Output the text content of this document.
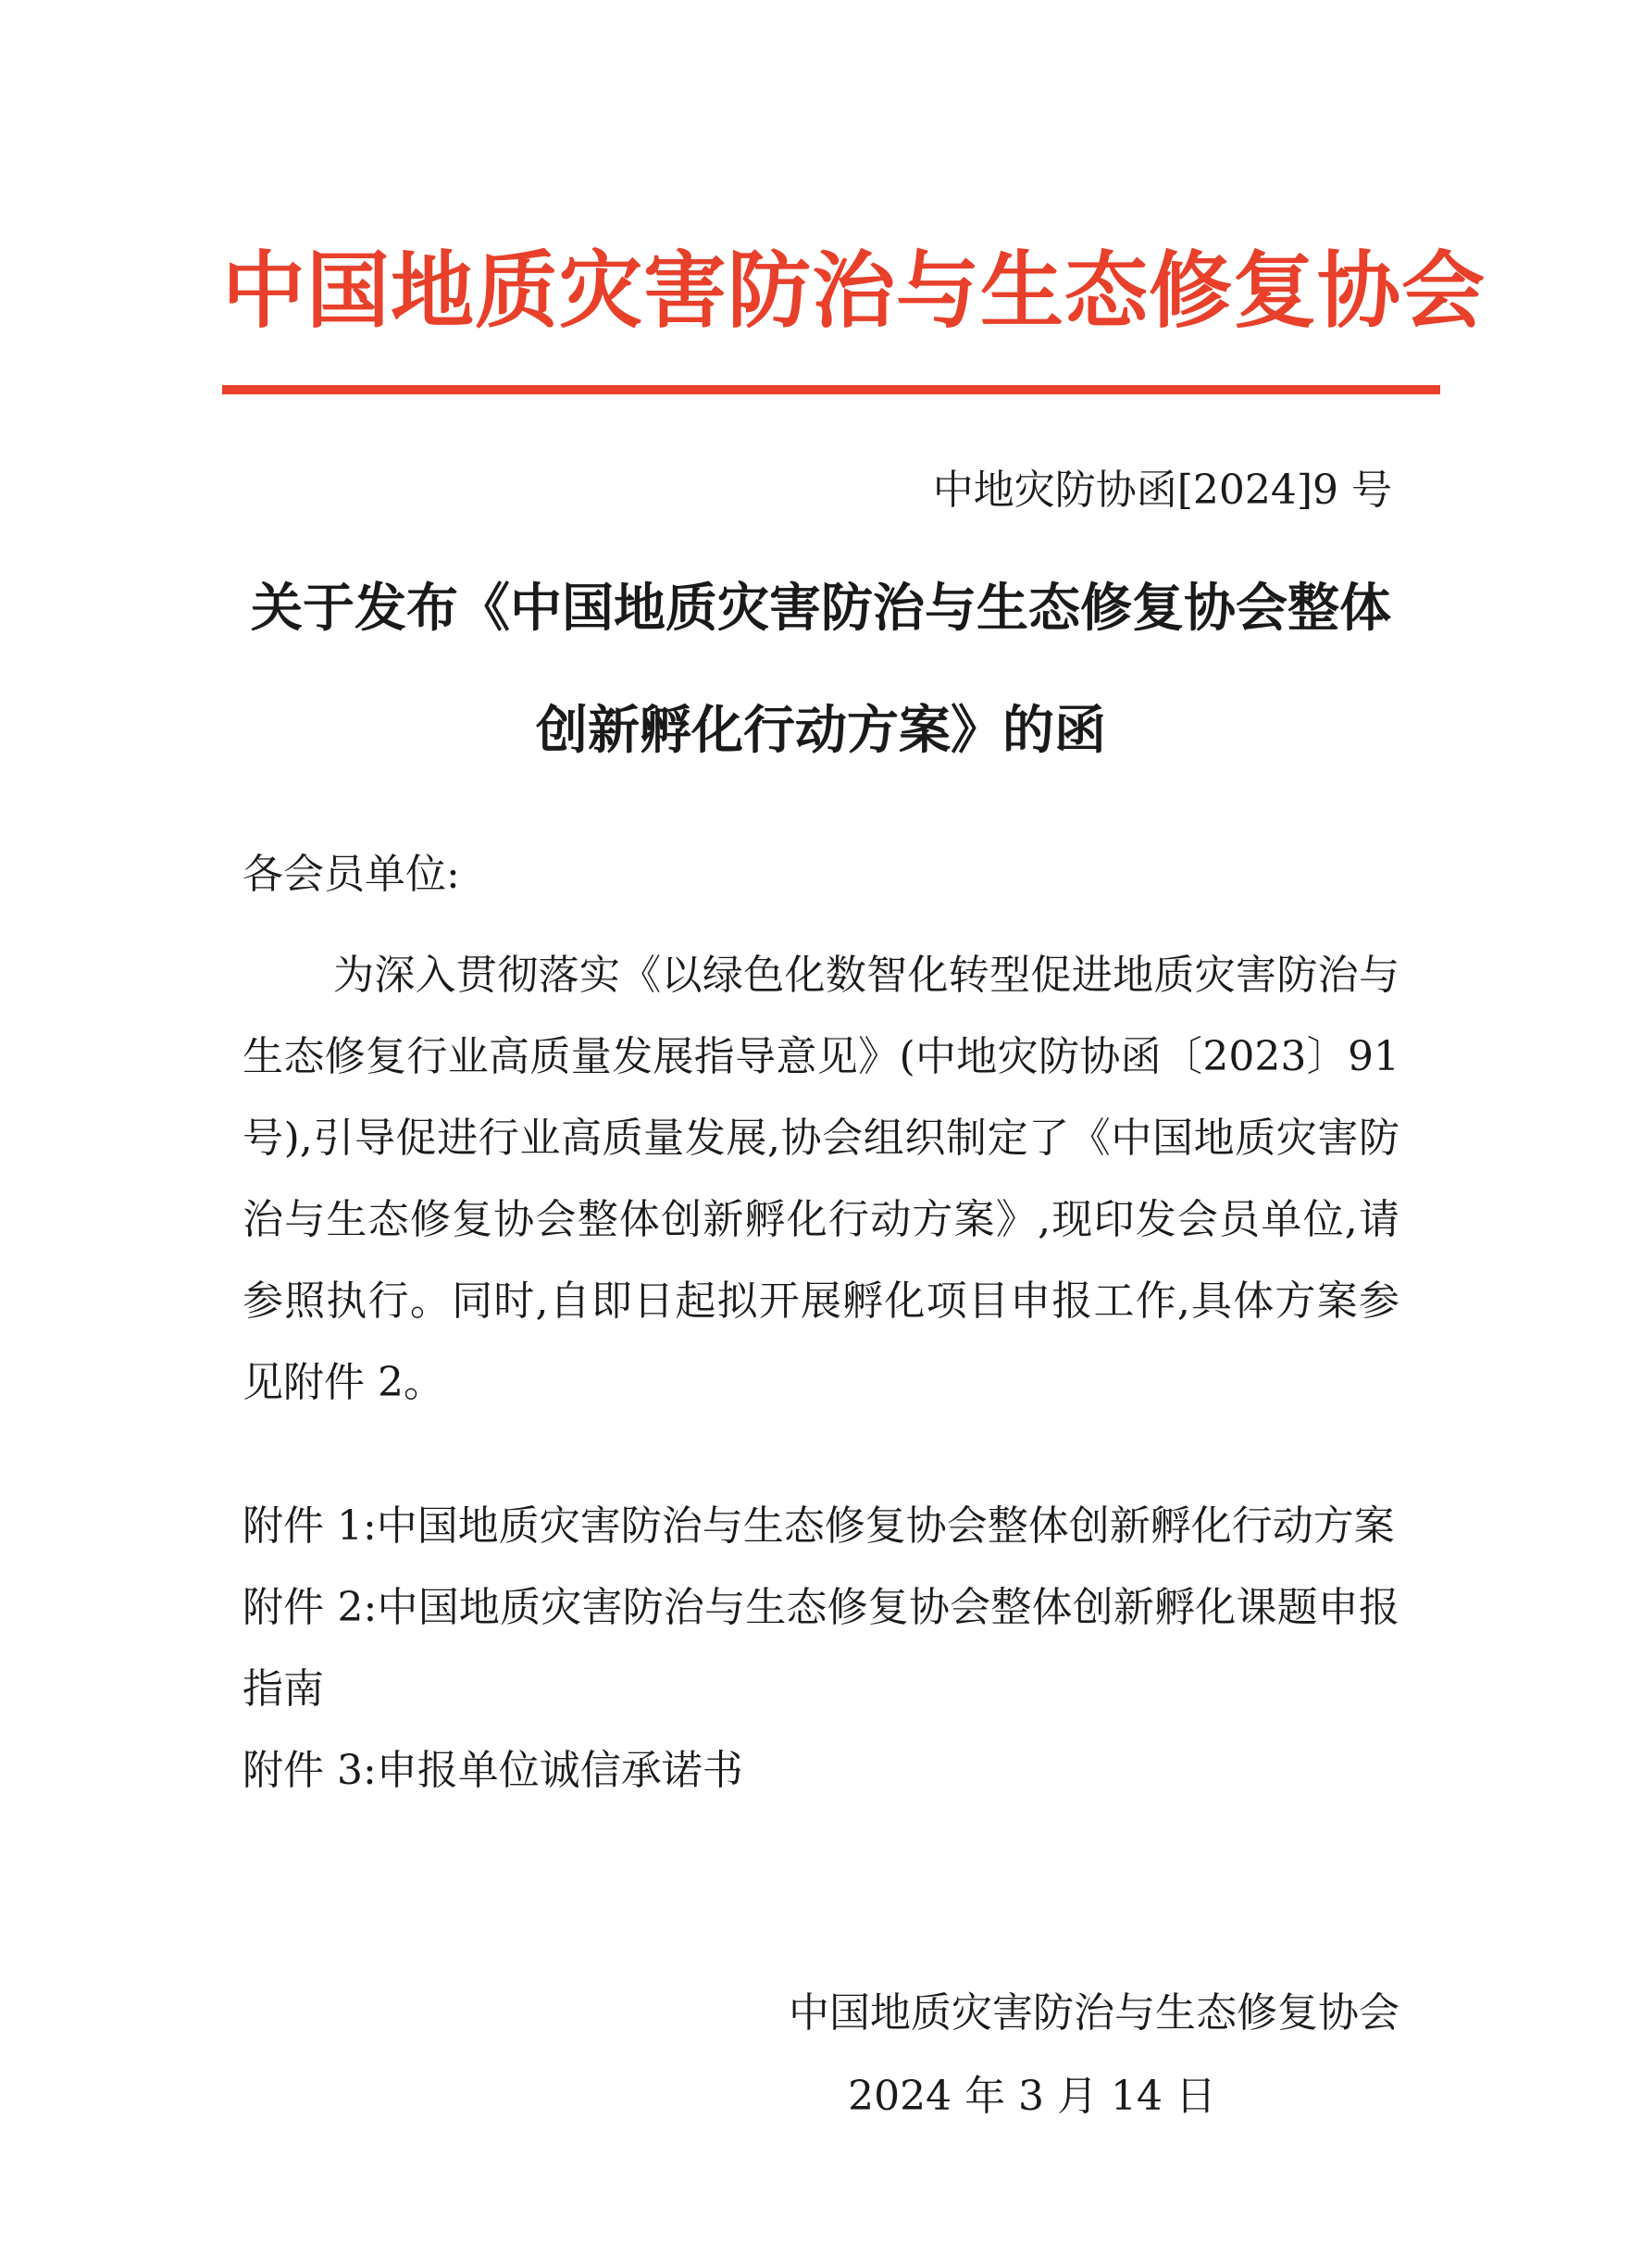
中国地质灾害防治与生态修复协会
中地灾防协函[2024]9 号
关于发布《中国地质灾害防治与生态修复协会整体创新孵化行动方案》的函
各会员单位:
为深入贯彻落实《以绿色化数智化转型促进地质灾害防治与生态修复行业高质量发展指导意见》(中地灾防协函〔2023〕91 号),引导促进行业高质量发展,协会组织制定了《中国地质灾害防治与生态修复协会整体创新孵化行动方案》,现印发会员单位,请参照执行。同时,自即日起拟开展孵化项目申报工作,具体方案参见附件 2。

附件 1:中国地质灾害防治与生态修复协会整体创新孵化行动方案

附件 2:中国地质灾害防治与生态修复协会整体创新孵化课题申报指南

附件 3:申报单位诚信承诺书

中国地质灾害防治与生态修复协会
2024 年 3 月 14 日
